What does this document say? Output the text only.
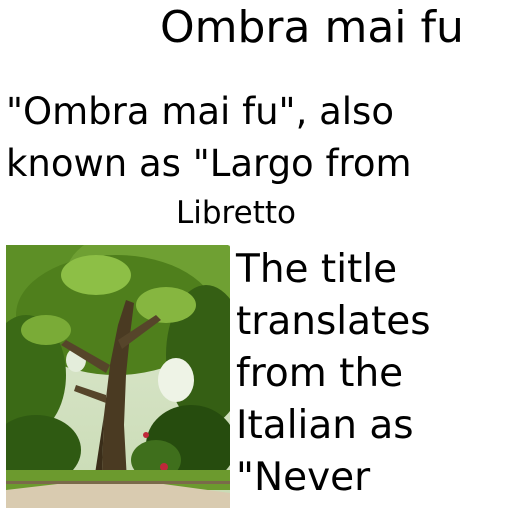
Ombra mai fu
"Ombra mai fu", also
known as "Largo from
Libretto
The title
translates
from the
Italian as
"Never
